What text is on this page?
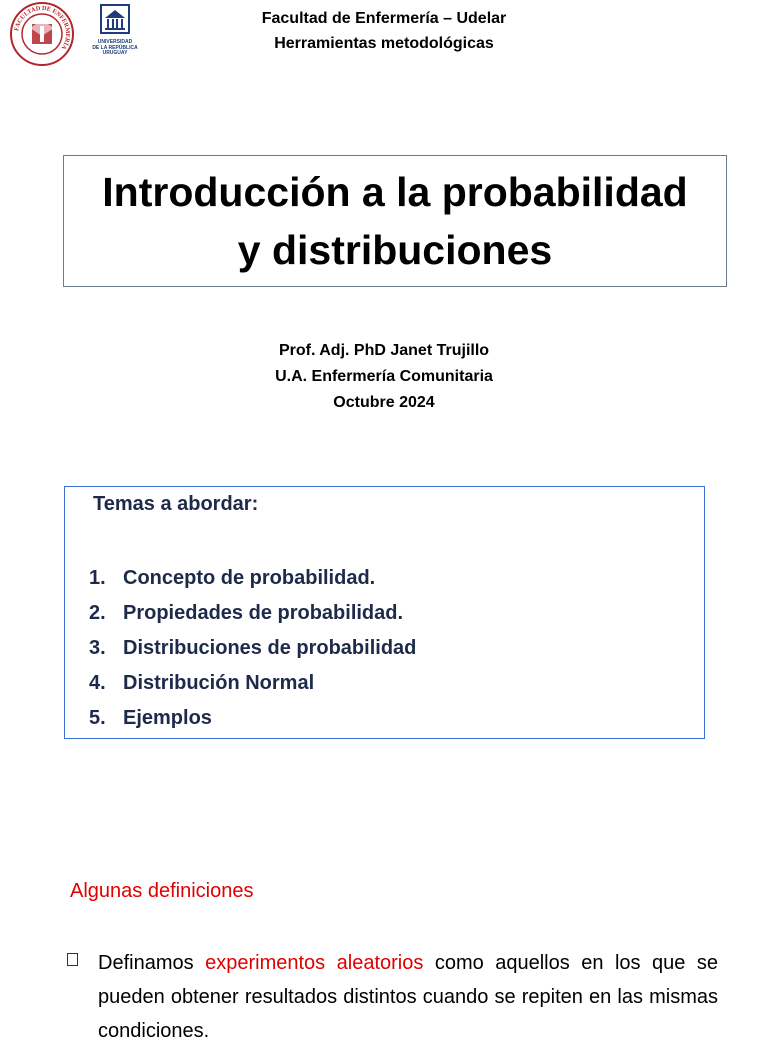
FACULTAD DE ENFERMERÍA
UNIVERSIDAD
DE LA REPÚBLICA
URUGUAY
Facultad de Enfermería – Udelar
Herramientas metodológicas
Introducción a la probabilidad
y distribuciones
Prof. Adj. PhD Janet Trujillo
U.A. Enfermería Comunitaria
Octubre 2024
Temas a abordar:
1. Concepto de probabilidad.
2. Propiedades de probabilidad.
3. Distribuciones de probabilidad
4. Distribución Normal
5. Ejemplos
Algunas definiciones
Definamos experimentos aleatorios como aquellos en los que se pueden obtener resultados distintos cuando se repiten en las mismas condiciones.
